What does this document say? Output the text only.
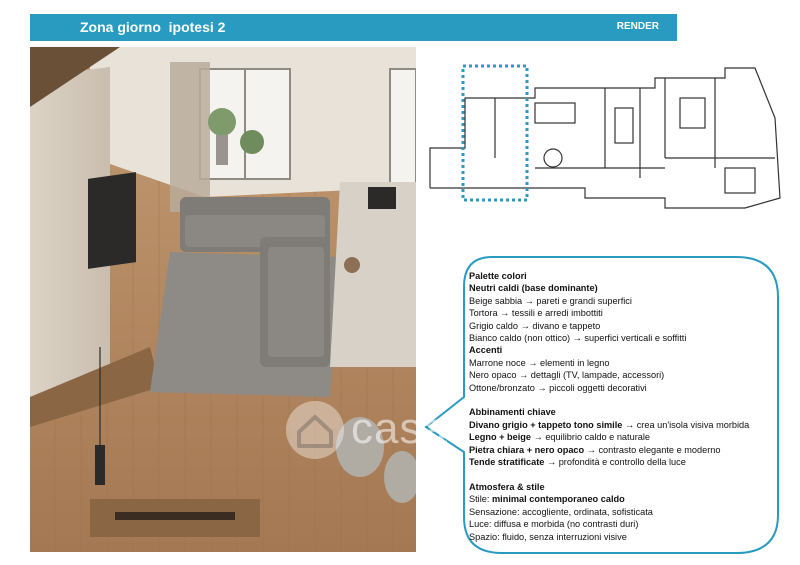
Zona giorno  ipotesi 2	RENDER
Palette colori
Neutri caldi (base dominante)
Beige sabbia → pareti e grandi superfici
Tortora → tessili e arredi imbottiti
Grigio caldo → divano e tappeto
Bianco caldo (non ottico) → superfici verticali e soffitti
Accenti
Marrone noce → elementi in legno
Nero opaco → dettagli (TV, lampade, accessori)
Ottone/bronzato → piccoli oggetti decorativi
Abbinamenti chiave
Divano grigio + tappeto tono simile → crea un'isola visiva morbida
Legno + beige → equilibrio caldo e naturale
Pietra chiara + nero opaco → contrasto elegante e moderno
Tende stratificate → profondità e controllo della luce
Atmosfera & stile
Stile: minimal contemporaneo caldo
Sensazione: accogliente, ordinata, sofisticata
Luce: diffusa e morbida (no contrasti duri)
Spazio: fluido, senza interruzioni visive
casa
